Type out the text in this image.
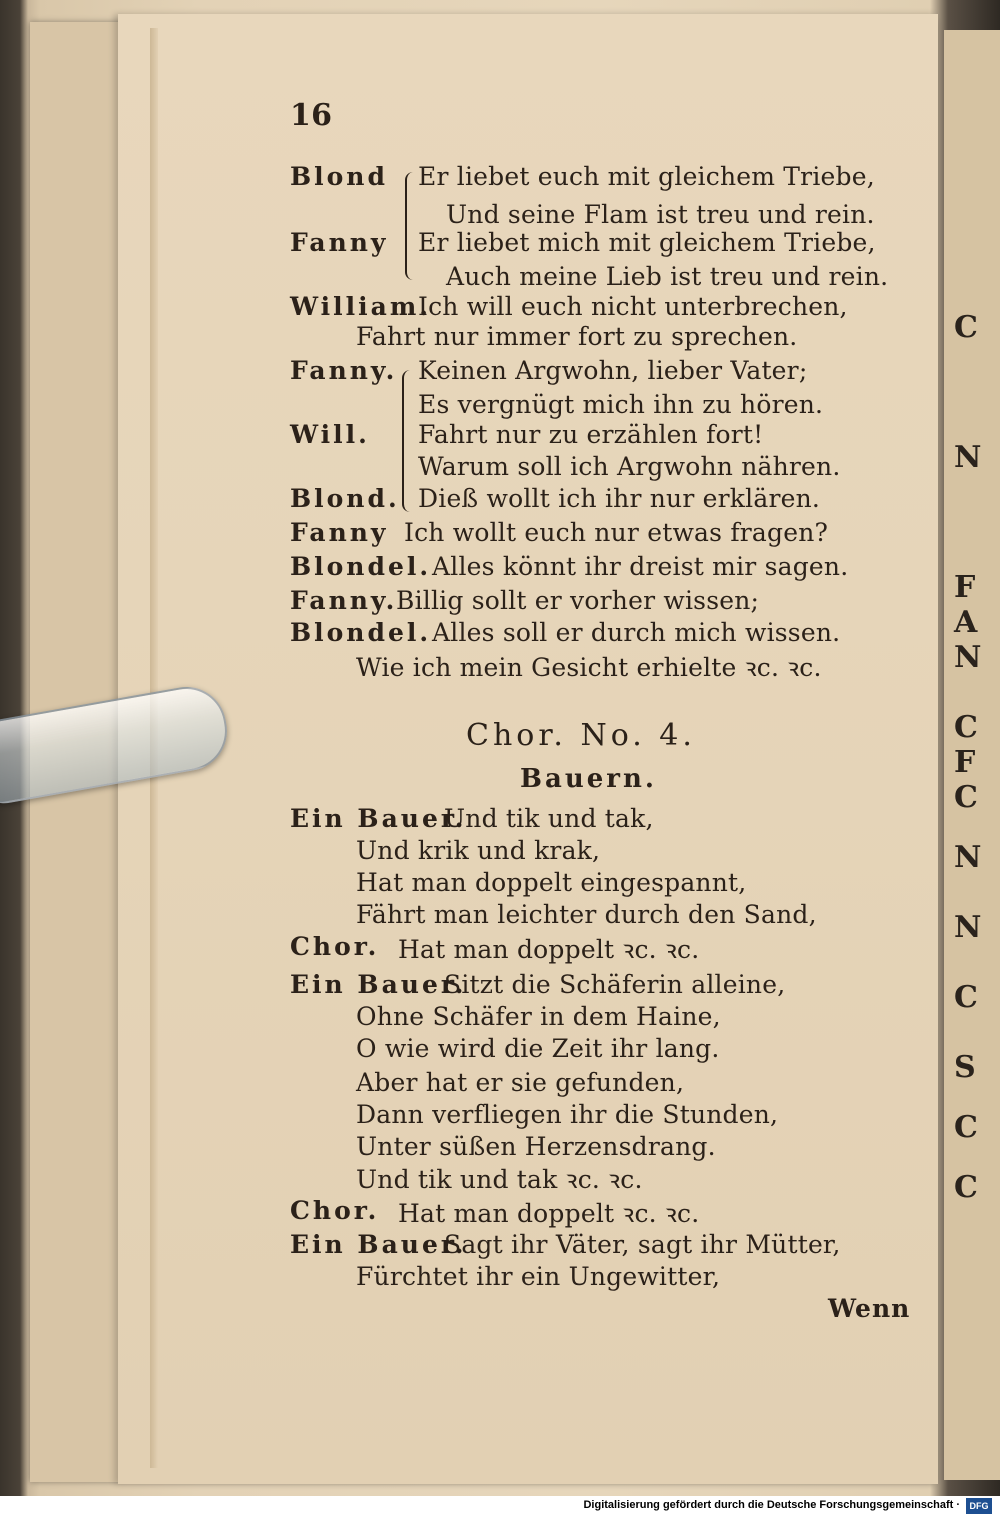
C
N
F
A
N
C
F
C
N
N
C
S
C
C
16
Blond Er liebet euch mit gleichem Triebe,
Und seine Flam ist treu und rein.
Fanny Er liebet mich mit gleichem Triebe,
Auch meine Lieb ist treu und rein.
William.
Ich will euch nicht unterbrechen,
Fahrt nur immer fort zu sprechen.
Fanny. Keinen Argwohn, lieber Vater;
Es vergnügt mich ihn zu hören.
Will. Fahrt nur zu erzählen fort!
Warum soll ich Argwohn nähren.
Blond. Dieß wollt ich ihr nur erklären.
Fanny Ich wollt euch nur etwas fragen?
Blondel. Alles könnt ihr dreist mir sagen.
Fanny.
Billig sollt er vorher wissen;
Blondel. Alles soll er durch mich wissen.
Wie ich mein Gesicht erhielte ꝛc. ꝛc.
Chor. No. 4.
Bauern.
Ein Bauer.
Und tik und tak,
Und krik und krak,
Hat man doppelt eingespannt,
Fährt man leichter durch den Sand,
Chor. Hat man doppelt ꝛc. ꝛc.
Ein Bauer.
Sitzt die Schäferin alleine,
Ohne Schäfer in dem Haine,
O wie wird die Zeit ihr lang.
Aber hat er sie gefunden,
Dann verfliegen ihr die Stunden,
Unter süßen Herzensdrang.
Und tik und tak ꝛc. ꝛc.
Chor. Hat man doppelt ꝛc. ꝛc.
Ein Bauer.
Sagt ihr Väter, sagt ihr Mütter,
Fürchtet ihr ein Ungewitter,
Wenn
Digitalisierung gefördert durch die Deutsche Forschungsgemeinschaft ·	DFG
